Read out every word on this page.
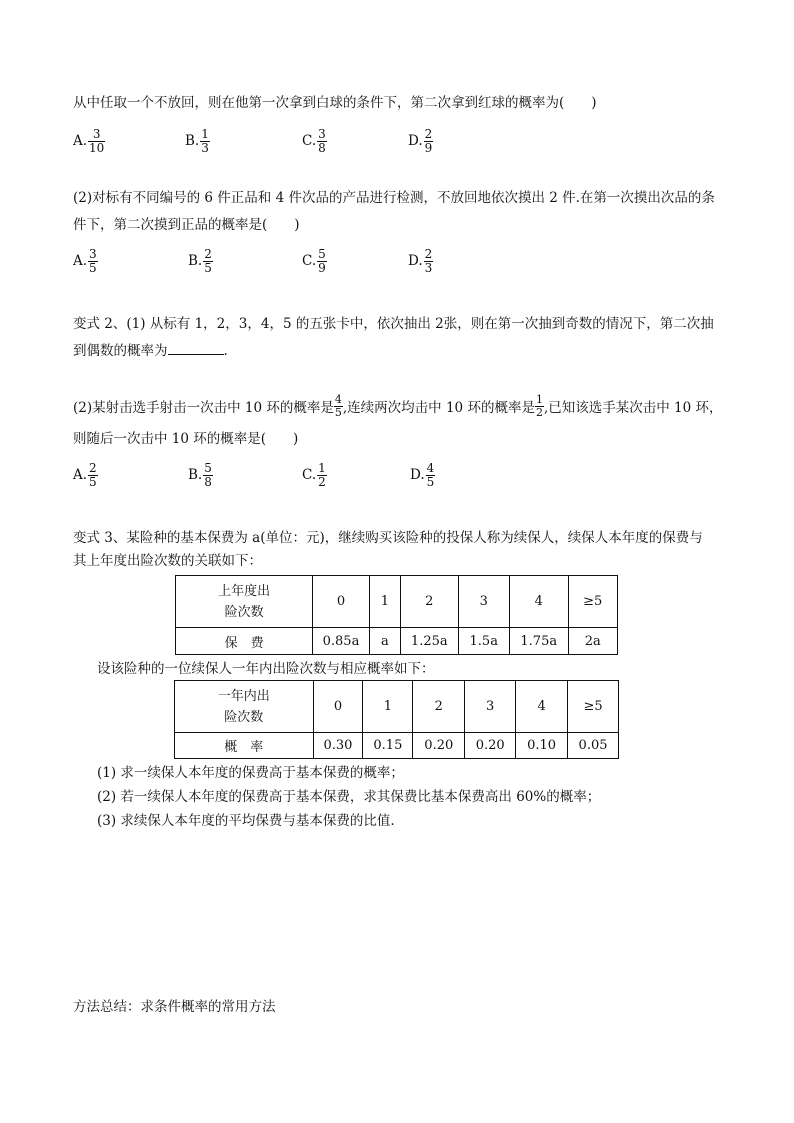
从中任取一个不放回，则在他第一次拿到白球的条件下，第二次拿到红球的概率为(　　)
A. $\frac{3}{10}$	B. $\frac{1}{3}$	C. $\frac{3}{8}$	D. $\frac{2}{9}$
(2)对标有不同编号的 6 件正品和 4 件次品的产品进行检测，不放回地依次摸出 2 件.在第一次摸出次品的条
件下，第二次摸到正品的概率是(　　)
A. $\frac{3}{5}$	B. $\frac{2}{5}$	C. $\frac{5}{9}$	D. $\frac{2}{3}$
变式 2、(1) 从标有 1，2，3，4，5 的五张卡中，依次抽出 2张，则在第一次抽到奇数的情况下，第二次抽
到偶数的概率为	.
(2)某射击选手射击一次击中 10 环的概率是 $\frac{4}{5}$ ,连续两次均击中 10 环的概率是 $\frac{1}{2}$ ,已知该选手某次击中 10 环，
则随后一次击中 10 环的概率是(　　)
A. $\frac{2}{5}$	B. $\frac{5}{8}$	C. $\frac{1}{2}$	D. $\frac{4}{5}$
变式 3、某险种的基本保费为 a(单位：元)，继续购买该险种的投保人称为续保人，续保人本年度的保费与
其上年度出险次数的关联如下：
上年度出
险次数	0	1	2	3	4	≥5
保　费	0.85a	a	1.25a	1.5a	1.75a	2a
设该险种的一位续保人一年内出险次数与相应概率如下：
一年内出
险次数	0	1	2	3	4	≥5
概　率	0.30	0.15	0.20	0.20	0.10	0.05
(1) 求一续保人本年度的保费高于基本保费的概率；
(2) 若一续保人本年度的保费高于基本保费，求其保费比基本保费高出 60%的概率；
(3) 求续保人本年度的平均保费与基本保费的比值.
方法总结：求条件概率的常用方法
